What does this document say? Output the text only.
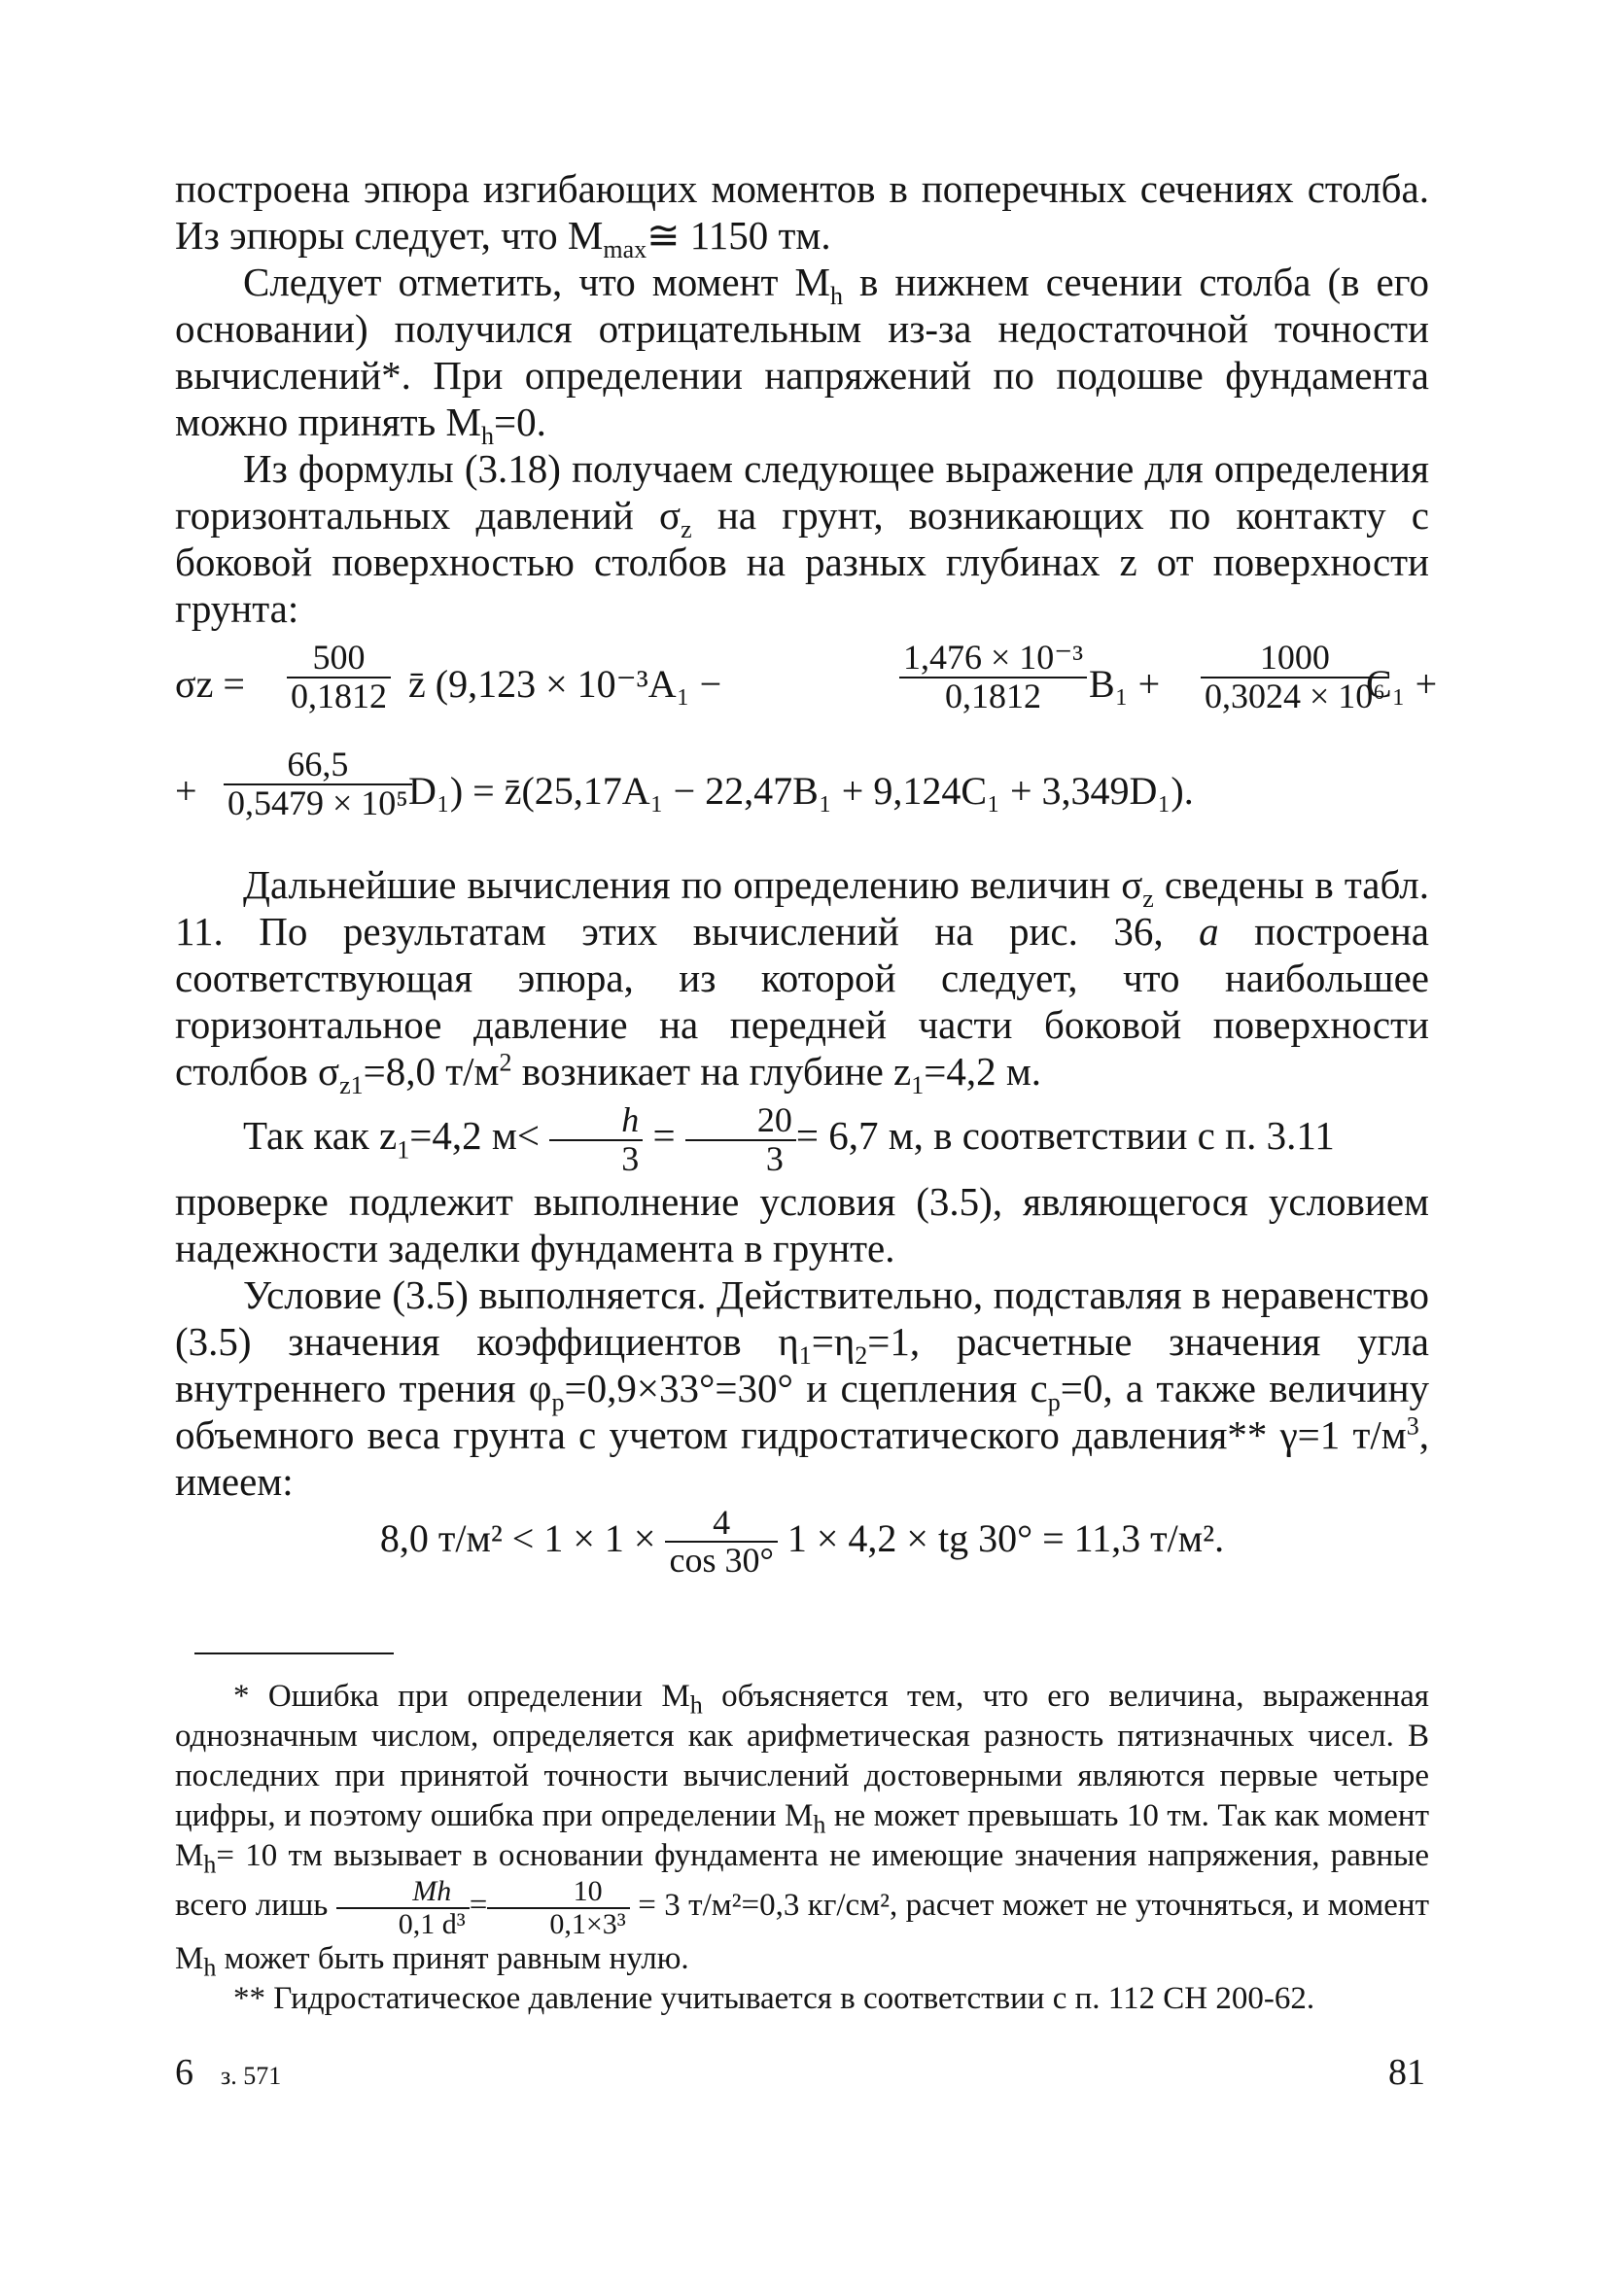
построена эпюра изгибающих моментов в поперечных сечениях столба. Из эпюры следует, что $M_{max}≅$ 1150 тм.

Следует отметить, что момент $M_h$ в нижнем сечении столба (в его основании) получился отрицательным из-за недостаточной точности вычислений*. При определении напряжений по подошве фундамента можно принять $M_h=0$.

Из формулы (3.18) получаем следующее выражение для определения горизонтальных давлений $\sigma_z$ на грунт, возникающих по контакту с боковой поверхностью столбов на разных глубинах z от поверхности грунта:

$\sigma z = \frac{500}{0,1812}$ z̄ (9,123 × 10⁻³A₁ −	$\frac{\text{1,476 × 10⁻³}}{0,1812} B_1 + \frac{1000}{\text{0,3024 × 10⁶}}$
C₁ +
+ $\frac{66,5}{\text{0,5479 × 10⁵}}$
D₁) = z̄(25,17A₁ − 22,47B₁ + 9,124C₁ + 3,349D₁).

Дальнейшие вычисления по определению величин $\sigma_z$ сведены в табл. 11. По результатам этих вычислений на рис. 36, а построена соответствующая эпюра, из которой следует, что наибольшее горизонтальное давление на передней части боковой поверхности столбов $\sigma_{z1}=8,0$ $т/м^2$ возникает на глубине $z_1=4,2$ м.

Так как $z_1=4,2$ $м< \frac{h}{3} = \frac{20}{3} = 6,7$ м, в соответствии с п. 3.11

проверке подлежит выполнение условия (3.5), являющегося условием надежности заделки фундамента в грунте.

Условие (3.5) выполняется. Действительно, подставляя в неравенство (3.5) значения коэффициентов $\eta_1=\eta_2=1$, расчетные значения угла внутреннего трения $\varphi_р=0,9\times 33^\circ=30^\circ$ и сцепления $c_р=0$, а также величину объемного веса грунта с учетом гидростатического давления** γ=1 $т/м^3$, имеем:

8,0 $т/м^2 < 1 \times 1 \times \frac{4}{\cos 30^\circ} 1 \times 4,2$ × tg 30° = 11,3 т/м².

* Ошибка при определении $M_h$ объясняется тем, что его величина, выраженная однозначным числом, определяется как арифметическая разность пятизначных чисел. В последних при принятой точности вычислений достоверными являются первые четыре цифры, и поэтому ошибка при определении $M_h$ не может превышать 10 тм. Так как момент $M_h= 10$ тм вызывает в основании фундамента не имеющие значения напряжения, равные всего лишь $\frac{Mh}{\text{0,1 d³}} = \frac{10}{\text{0,1×3³}} = 3$ т/м²=0,3 кг/см², расчет может не уточняться, и момент $M_h$ может быть принят равным нулю.

** Гидростатическое давление учитывается в соответствии с п. 112 СН 200-62.

6 з. 571	81
